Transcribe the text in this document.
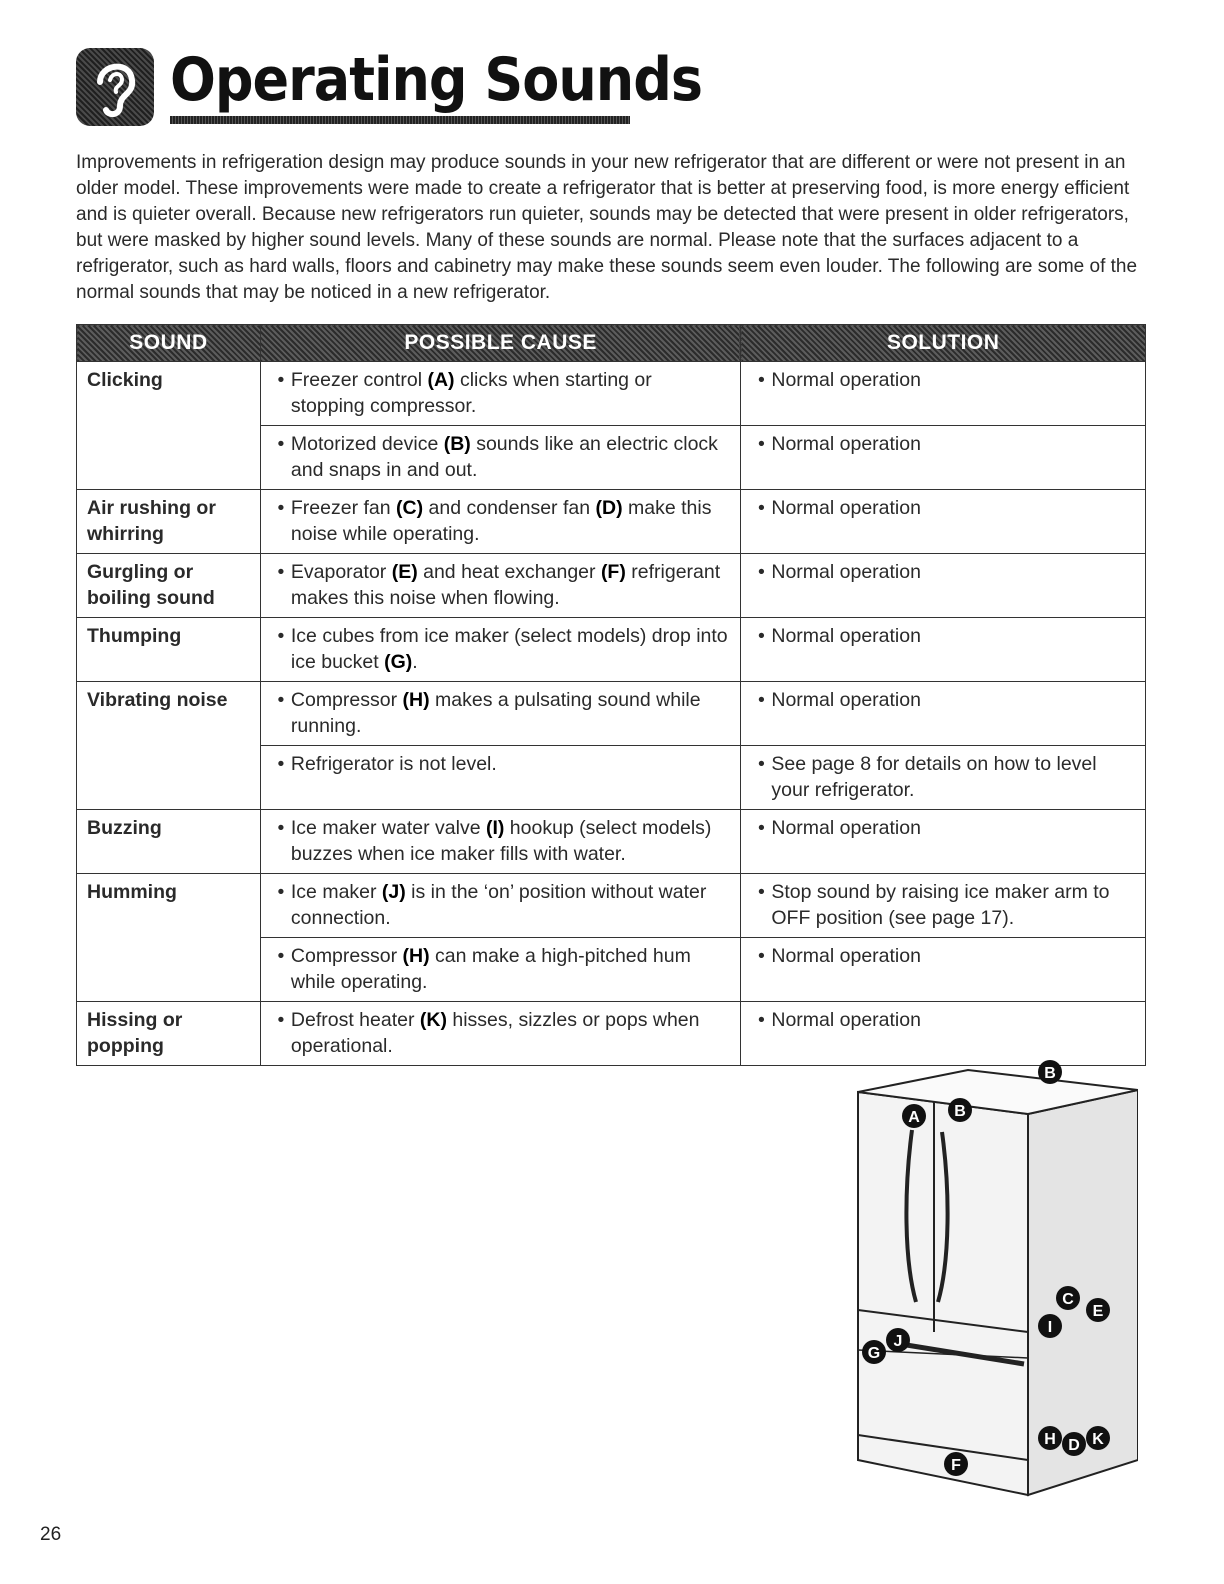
Operating Sounds

Improvements in refrigeration design may produce sounds in your new refrigerator that are different or were not present in an older model. These improvements were made to create a refrigerator that is better at preserving food, is more energy efficient and is quieter overall. Because new refrigerators run quieter, sounds may be detected that were present in older refrigerators, but were masked by higher sound levels. Many of these sounds are normal. Please note that the surfaces adjacent to a refrigerator, such as hard walls, floors and cabinetry may make these sounds seem even louder. The following are some of the normal sounds that may be noticed in a new refrigerator.

SOUND	POSSIBLE CAUSE	SOLUTION
Clicking	• Freezer control (A) clicks when starting or stopping compressor.	• Normal operation

	• Motorized device (B) sounds like an electric clock and snaps in and out.	• Normal operation

Air rushing or whirring	• Freezer fan (C) and condenser fan (D) make this noise while operating.	• Normal operation

Gurgling or boiling sound	• Evaporator (E) and heat exchanger (F) refrigerant makes this noise when flowing.	• Normal operation

Thumping	• Ice cubes from ice maker (select models) drop into ice bucket (G).	• Normal operation

Vibrating noise	• Compressor (H) makes a pulsating sound while running.	• Normal operation

	• Refrigerator is not level.	• See page 8 for details on how to level your refrigerator.

Buzzing	• Ice maker water valve (I) hookup (select models) buzzes when ice maker fills with water.	• Normal operation

Humming	• Ice maker (J) is in the ‘on’ position without water connection.	• Stop sound by raising ice maker arm to OFF position (see page 17).

	• Compressor (H) can make a high-pitched hum while operating.	• Normal operation

Hissing or popping	• Defrost heater (K) hisses, sizzles or pops when operational.	• Normal operation
B
A B
C
E
I
J
G
H D K
F
26
